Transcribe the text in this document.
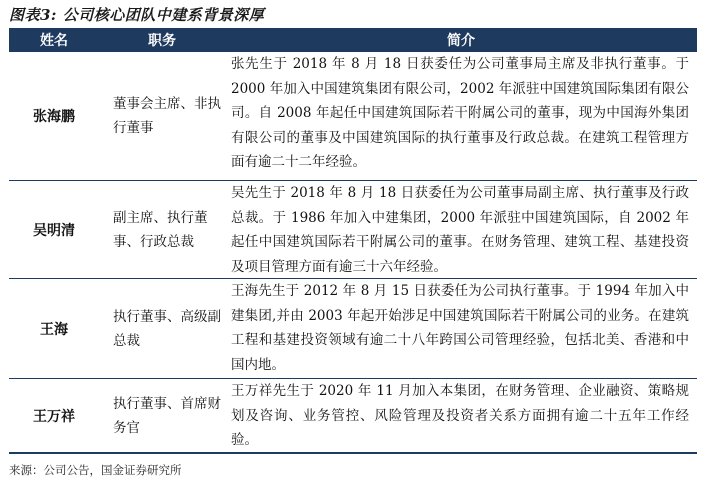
图表3: 公司核心团队中建系背景深厚
姓名	职务	简介
张海鹏
董事会主席、非执行董事
张先生于 2018 年 8 月 18 日获委任为公司董事局主席及非执行董事。于 2000 年加入中国建筑集团有限公司，2002 年派驻中国建筑国际集团有限公司。自 2008 年起任中国建筑国际若干附属公司的董事，现为中国海外集团有限公司的董事及中国建筑国际的执行董事及行政总裁。在建筑工程管理方面有逾二十二年经验。
吴明清
副主席、执行董事、行政总裁
吴先生于 2018 年 8 月 18 日获委任为公司董事局副主席、执行董事及行政总裁。于 1986 年加入中建集团，2000 年派驻中国建筑国际，自 2002 年起任中国建筑国际若干附属公司的董事。在财务管理、建筑工程、基建投资及项目管理方面有逾三十六年经验。
王海
执行董事、高级副总裁
王海先生于 2012 年 8 月 15 日获委任为公司执行董事。于 1994 年加入中建集团,并由 2003 年起开始涉足中国建筑国际若干附属公司的业务。在建筑工程和基建投资领域有逾二十八年跨国公司管理经验，包括北美、香港和中国内地。
王万祥
执行董事、首席财务官
王万祥先生于 2020 年 11 月加入本集团，在财务管理、企业融资、策略规划及咨询、业务管控、风险管理及投资者关系方面拥有逾二十五年工作经验。
来源：公司公告，国金证券研究所
